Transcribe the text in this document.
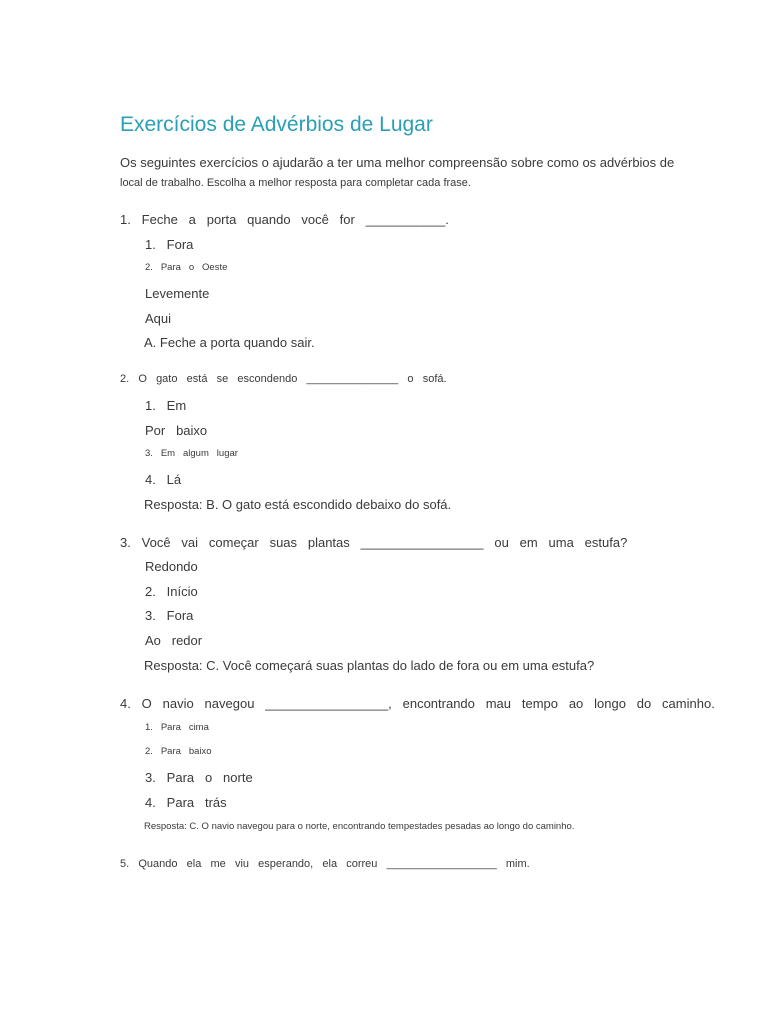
Exercícios de Advérbios de Lugar
Os seguintes exercícios o ajudarão a ter uma melhor compreensão sobre como os advérbios de
local de trabalho. Escolha a melhor resposta para completar cada frase.
1.   Feche   a   porta   quando   você   for   ___________.
1.   Fora
2.   Para   o   Oeste
Levemente
Aqui
A. Feche a porta quando sair.
2.   O   gato   está   se   escondendo   _______________   o   sofá.
1.   Em
Por   baixo
3.   Em   algum   lugar
4.   Lá
Resposta: B. O gato está escondido debaixo do sofá.
3.   Você   vai   começar   suas   plantas   _________________   ou   em   uma   estufa?
Redondo
2.   Início
3.   Fora
Ao   redor
Resposta: C. Você começará suas plantas do lado de fora ou em uma estufa?
4.   O   navio   navegou   _________________,   encontrando   mau   tempo   ao   longo   do   caminho.
1.   Para   cima
2.   Para   baixo
3.   Para   o   norte
4.   Para   trás
Resposta: C. O navio navegou para o norte, encontrando tempestades pesadas ao longo do caminho.
5.   Quando   ela   me   viu   esperando,   ela   correu   __________________   mim.
